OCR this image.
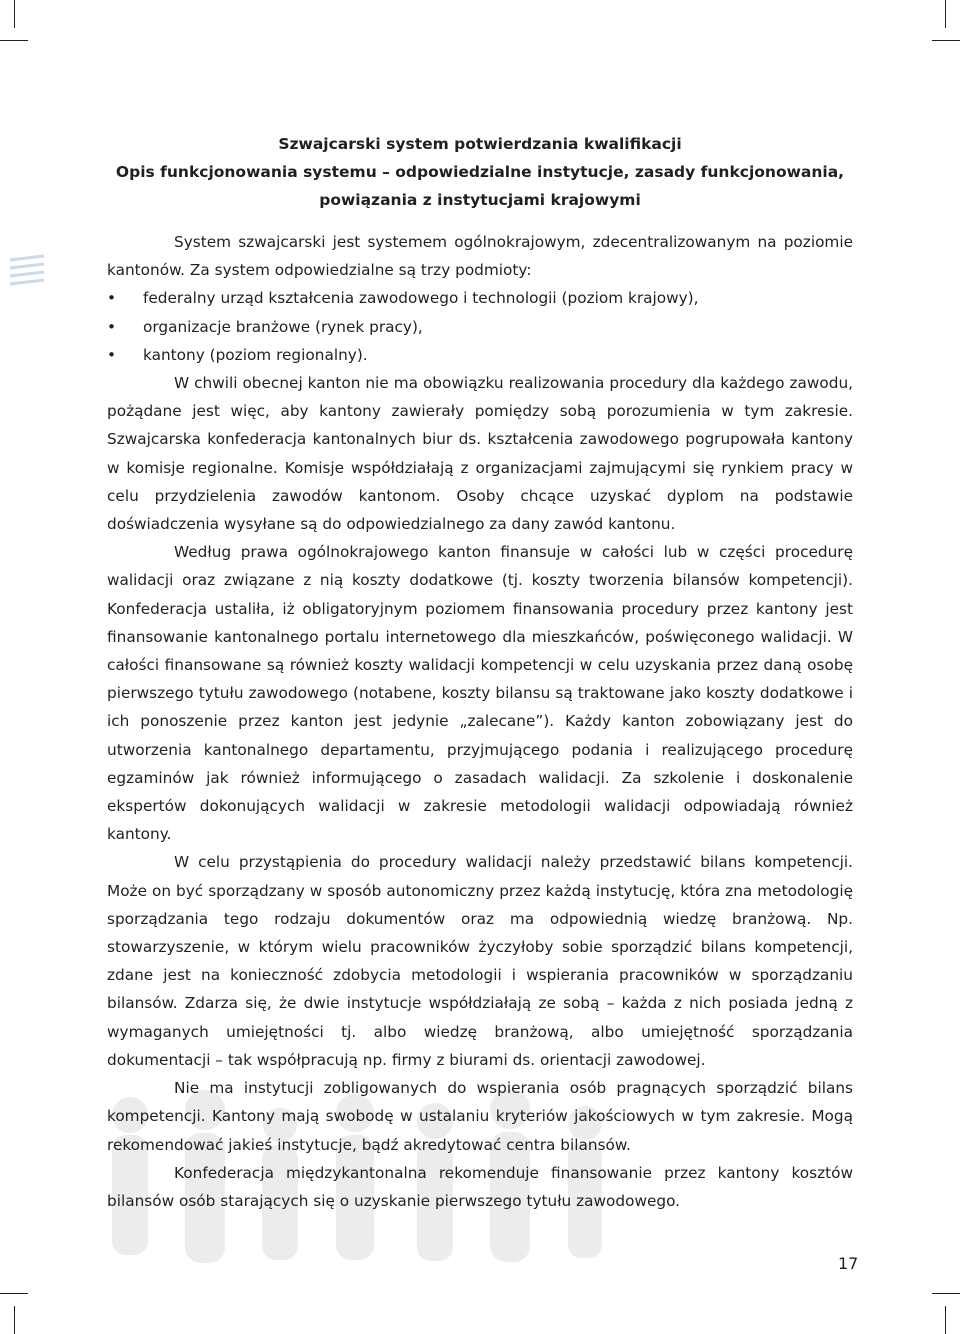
Szwajcarski system potwierdzania kwalifikacji
Opis funkcjonowania systemu – odpowiedzialne instytucje, zasady funkcjonowania,
powiązania z instytucjami krajowymi

System szwajcarski jest systemem ogólnokrajowym, zdecentralizowanym na poziomie kantonów. Za system odpowiedzialne są trzy podmioty:

• federalny urząd kształcenia zawodowego i technologii (poziom krajowy),
• organizacje branżowe (rynek pracy),
• kantony (poziom regionalny).

W chwili obecnej kanton nie ma obowiązku realizowania procedury dla każdego zawodu, pożądane jest więc, aby kantony zawierały pomiędzy sobą porozumienia w tym zakresie. Szwajcarska konfederacja kantonalnych biur ds. kształcenia zawodowego pogrupowała kantony w komisje regionalne. Komisje współdziałają z organizacjami zajmującymi się rynkiem pracy w celu przydzielenia zawodów kantonom. Osoby chcące uzyskać dyplom na podstawie doświadczenia wysyłane są do odpowiedzialnego za dany zawód kantonu.

Według prawa ogólnokrajowego kanton finansuje w całości lub w części procedurę walidacji oraz związane z nią koszty dodatkowe (tj. koszty tworzenia bilansów kompetencji). Konfederacja ustaliła, iż obligatoryjnym poziomem finansowania procedury przez kantony jest finansowanie kantonalnego portalu internetowego dla mieszkańców, poświęconego walidacji. W całości finansowane są również koszty walidacji kompetencji w celu uzyskania przez daną osobę pierwszego tytułu zawodowego (notabene, koszty bilansu są traktowane jako koszty dodatkowe i ich ponoszenie przez kanton jest jedynie „zalecane”). Każdy kanton zobowiązany jest do utworzenia kantonalnego departamentu, przyjmującego podania i realizującego procedurę egzaminów jak również informującego o zasadach walidacji. Za szkolenie i doskonalenie ekspertów dokonujących walidacji w zakresie metodologii walidacji odpowiadają również kantony.

W celu przystąpienia do procedury walidacji należy przedstawić bilans kompetencji. Może on być sporządzany w sposób autonomiczny przez każdą instytucję, która zna metodologię sporządzania tego rodzaju dokumentów oraz ma odpowiednią wiedzę branżową. Np. stowarzyszenie, w którym wielu pracowników życzyłoby sobie sporządzić bilans kompetencji, zdane jest na konieczność zdobycia metodologii i wspierania pracowników w sporządzaniu bilansów. Zdarza się, że dwie instytucje współdziałają ze sobą – każda z nich posiada jedną z wymaganych umiejętności tj. albo wiedzę branżową, albo umiejętność sporządzania dokumentacji – tak współpracują np. firmy z biurami ds. orientacji zawodowej.

Nie ma instytucji zobligowanych do wspierania osób pragnących sporządzić bilans kompetencji. Kantony mają swobodę w ustalaniu kryteriów jakościowych w tym zakresie. Mogą rekomendować jakieś instytucje, bądź akredytować centra bilansów.

Konfederacja międzykantonalna rekomenduje finansowanie przez kantony kosztów bilansów osób starających się o uzyskanie pierwszego tytułu zawodowego.

17
